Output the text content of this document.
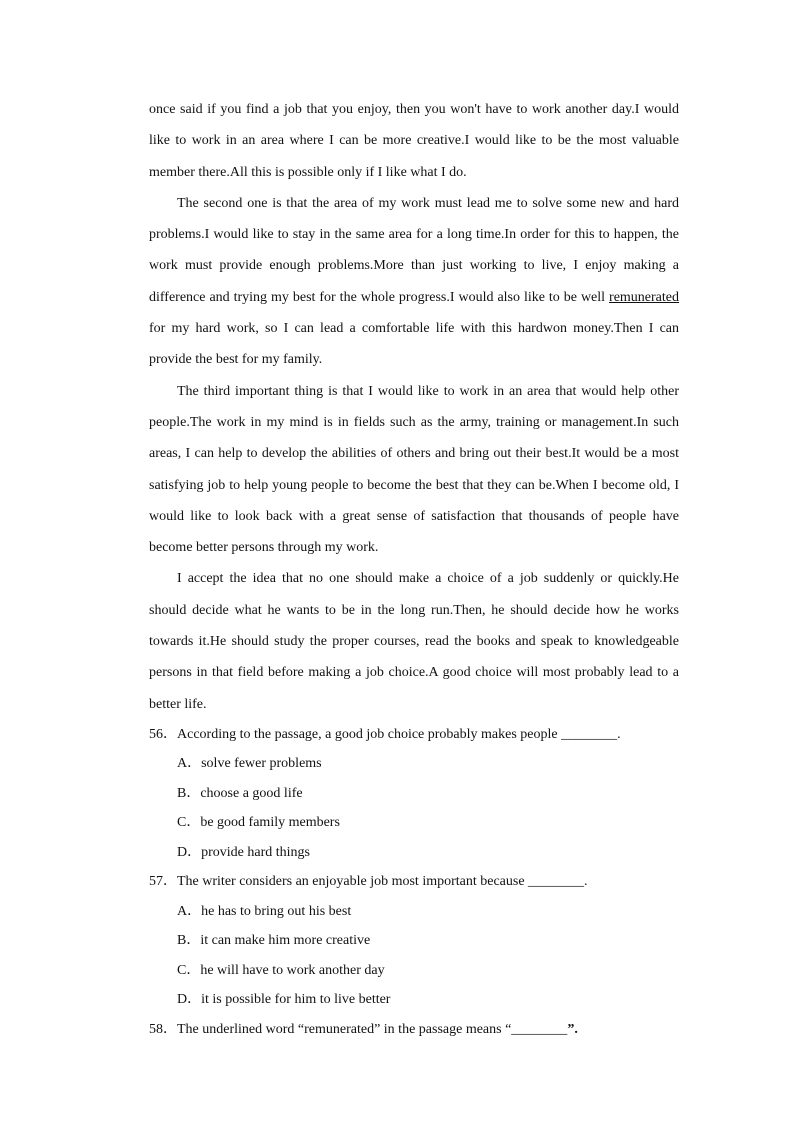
once said if you find a job that you enjoy, then you won't have to work another day.I would like to work in an area where I can be more creative.I would like to be the most valuable member there.All this is possible only if I like what I do.

The second one is that the area of my work must lead me to solve some new and hard problems.I would like to stay in the same area for a long time.In order for this to happen, the work must provide enough problems.More than just working to live, I enjoy making a difference and trying my best for the whole progress.I would also like to be well remunerated for my hard work, so I can lead a comfortable life with this hardwon money.Then I can provide the best for my family.

The third important thing is that I would like to work in an area that would help other people.The work in my mind is in fields such as the army, training or management.In such areas, I can help to develop the abilities of others and bring out their best.It would be a most satisfying job to help young people to become the best that they can be.When I become old, I would like to look back with a great sense of satisfaction that thousands of people have become better persons through my work.

I accept the idea that no one should make a choice of a job suddenly or quickly.He should decide what he wants to be in the long run.Then, he should decide how he works towards it.He should study the proper courses, read the books and speak to knowledgeable persons in that field before making a job choice.A good choice will most probably lead to a better life.

56．According to the passage, a good job choice probably makes people ________.
A．solve fewer problems
B．choose a good life
C．be good family members
D．provide hard things
57．The writer considers an enjoyable job most important because ________.
A．he has to bring out his best
B．it can make him more creative
C．he will have to work another day
D．it is possible for him to live better
58．The underlined word “remunerated” in the passage means “________”.
